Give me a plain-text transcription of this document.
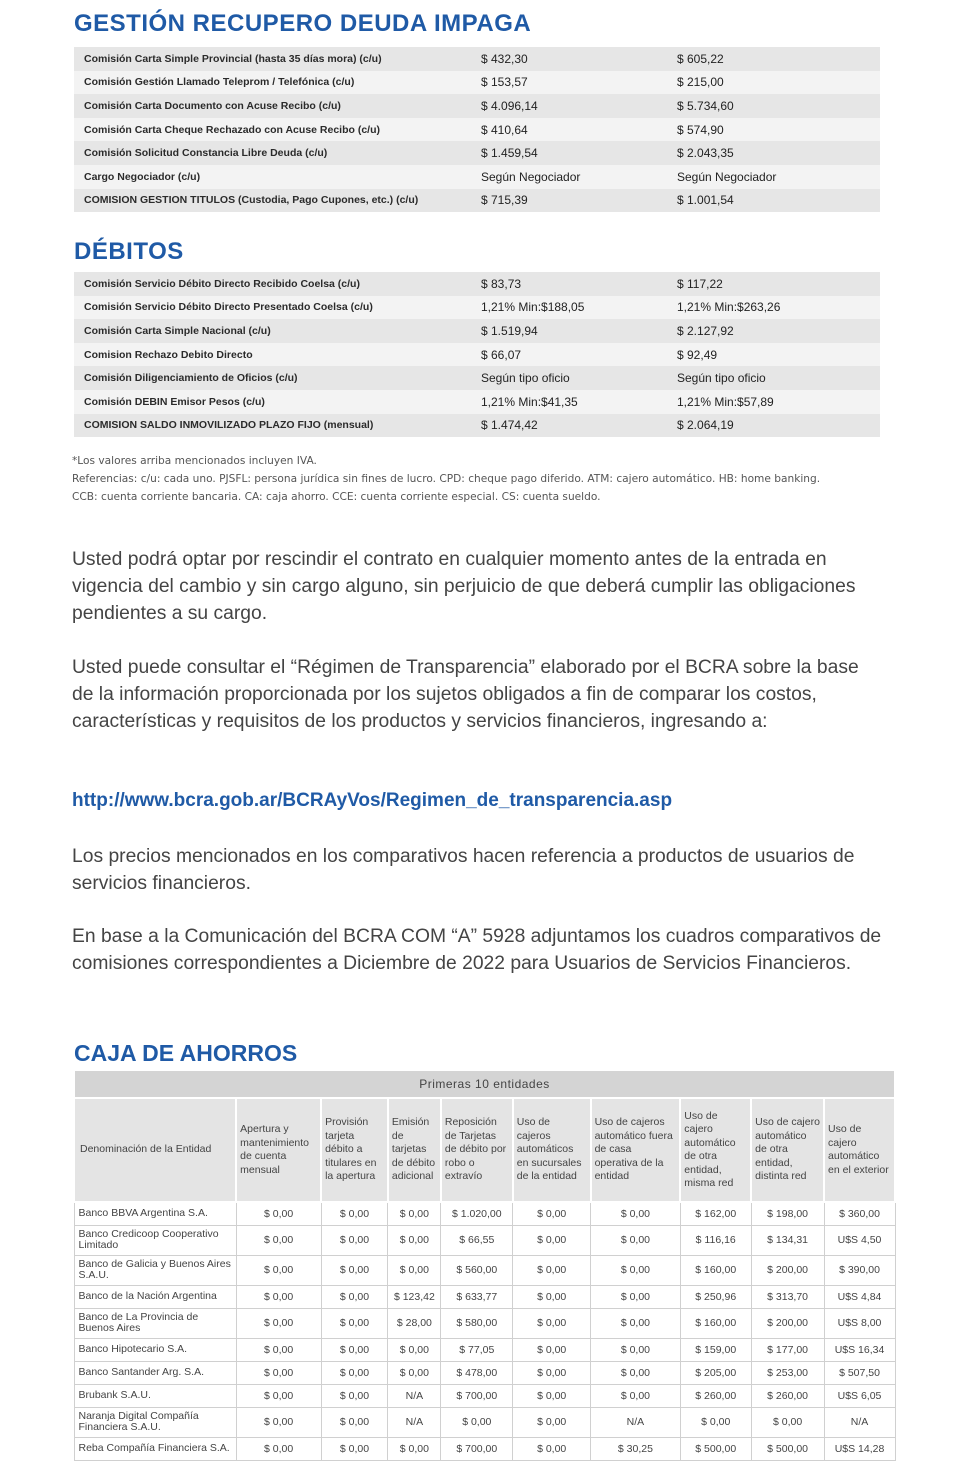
GESTIÓN RECUPERO DEUDA IMPAGA
Comisión Carta Simple Provincial (hasta 35 días mora) (c/u)	$ 432,30	$ 605,22
Comisión Gestión Llamado Teleprom / Telefónica (c/u)	$ 153,57	$ 215,00
Comisión Carta Documento con Acuse Recibo (c/u)	$ 4.096,14	$ 5.734,60
Comisión Carta Cheque Rechazado con Acuse Recibo (c/u)	$ 410,64	$ 574,90
Comisión Solicitud Constancia Libre Deuda (c/u)	$ 1.459,54	$ 2.043,35
Cargo Negociador (c/u)	Según Negociador	Según Negociador
COMISION GESTION TITULOS (Custodia, Pago Cupones, etc.) (c/u)	$ 715,39	$ 1.001,54
DÉBITOS
Comisión Servicio Débito Directo Recibido Coelsa (c/u)	$ 83,73	$ 117,22
Comisión Servicio Débito Directo Presentado Coelsa (c/u)	1,21% Min:$188,05	1,21% Min:$263,26
Comisión Carta Simple Nacional (c/u)	$ 1.519,94	$ 2.127,92
Comision Rechazo Debito Directo	$ 66,07	$ 92,49
Comisión Diligenciamiento de Oficios (c/u)	Según tipo oficio	Según tipo oficio
Comisión DEBIN Emisor Pesos (c/u)	1,21% Min:$41,35	1,21% Min:$57,89
COMISION SALDO INMOVILIZADO PLAZO FIJO (mensual)	$ 1.474,42	$ 2.064,19
*Los valores arriba mencionados incluyen IVA.
Referencias: c/u: cada uno. PJSFL: persona jurídica sin fines de lucro. CPD: cheque pago diferido. ATM: cajero automático. HB: home banking.
CCB: cuenta corriente bancaria. CA: caja ahorro. CCE: cuenta corriente especial. CS: cuenta sueldo.

Usted podrá optar por rescindir el contrato en cualquier momento antes de la entrada en vigencia del cambio y sin cargo alguno, sin perjuicio de que deberá cumplir las obligaciones pendientes a su cargo.

Usted puede consultar el “Régimen de Transparencia” elaborado por el BCRA sobre la base de la información proporcionada por los sujetos obligados a fin de comparar los costos, características y requisitos de los productos y servicios financieros, ingresando a:

http://www.bcra.gob.ar/BCRAyVos/Regimen_de_transparencia.asp

Los precios mencionados en los comparativos hacen referencia a productos de usuarios de servicios financieros.

En base a la Comunicación del BCRA COM “A” 5928 adjuntamos los cuadros comparativos de comisiones correspondientes a Diciembre de 2022 para Usuarios de Servicios Financieros.

CAJA DE AHORROS
Primeras 10 entidades									
Denominación de la Entidad	Apertura y mantenimiento de cuenta mensual	Provisión tarjeta débito a titulares en la apertura	Emisión de tarjetas de débito adicional	Reposición de Tarjetas de débito por robo o extravío	Uso de cajeros automáticos en sucursales de la entidad	Uso de cajeros automático fuera de casa operativa de la entidad	Uso de cajero automático de otra entidad, misma red	Uso de cajero automático de otra entidad, distinta red	Uso de cajero automático en el exterior
Banco BBVA Argentina S.A.	$ 0,00	$ 0,00	$ 0,00	$ 1.020,00	$ 0,00	$ 0,00	$ 162,00	$ 198,00	$ 360,00
Banco Credicoop Cooperativo Limitado	$ 0,00	$ 0,00	$ 0,00	$ 66,55	$ 0,00	$ 0,00	$ 116,16	$ 134,31	U$S 4,50
Banco de Galicia y Buenos Aires S.A.U.	$ 0,00	$ 0,00	$ 0,00	$ 560,00	$ 0,00	$ 0,00	$ 160,00	$ 200,00	$ 390,00
Banco de la Nación Argentina	$ 0,00	$ 0,00	$ 123,42	$ 633,77	$ 0,00	$ 0,00	$ 250,96	$ 313,70	U$S 4,84
Banco de La Provincia de Buenos Aires	$ 0,00	$ 0,00	$ 28,00	$ 580,00	$ 0,00	$ 0,00	$ 160,00	$ 200,00	U$S 8,00
Banco Hipotecario S.A.	$ 0,00	$ 0,00	$ 0,00	$ 77,05	$ 0,00	$ 0,00	$ 159,00	$ 177,00	U$S 16,34
Banco Santander Arg. S.A.	$ 0,00	$ 0,00	$ 0,00	$ 478,00	$ 0,00	$ 0,00	$ 205,00	$ 253,00	$ 507,50
Brubank S.A.U.	$ 0,00	$ 0,00	N/A	$ 700,00	$ 0,00	$ 0,00	$ 260,00	$ 260,00	U$S 6,05
Naranja Digital Compañía Financiera S.A.U.	$ 0,00	$ 0,00	N/A	$ 0,00	$ 0,00	N/A	$ 0,00	$ 0,00	N/A
Reba Compañía Financiera S.A.	$ 0,00	$ 0,00	$ 0,00	$ 700,00	$ 0,00	$ 30,25	$ 500,00	$ 500,00	U$S 14,28
